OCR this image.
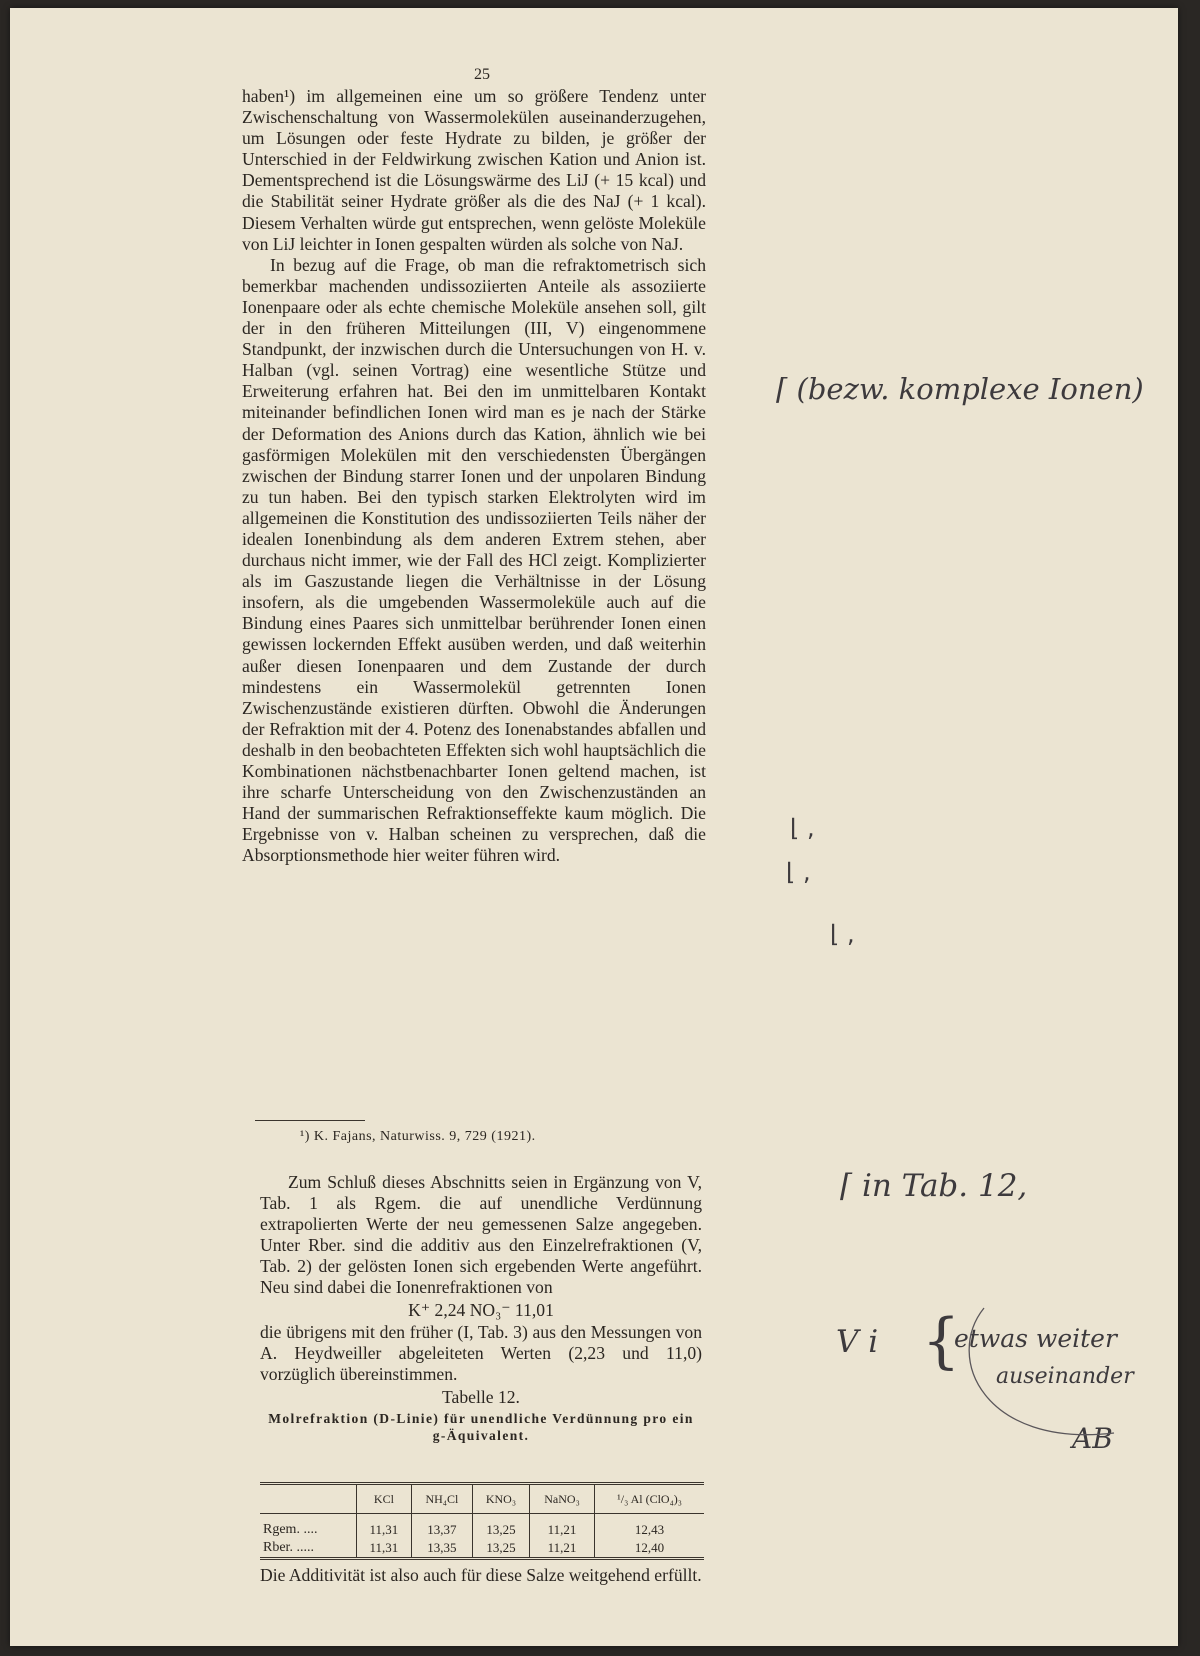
25

haben¹) im allgemeinen eine um so größere Tendenz unter Zwischenschaltung von Wassermolekülen auseinanderzugehen, um Lösungen oder feste Hydrate zu bilden, je größer der Unterschied in der Feldwirkung zwischen Kation und Anion ist. Dementsprechend ist die Lösungswärme des LiJ (+ 15 kcal) und die Stabilität seiner Hydrate größer als die des NaJ (+ 1 kcal). Diesem Verhalten würde gut entsprechen, wenn gelöste Moleküle von LiJ leichter in Ionen gespalten würden als solche von NaJ.

In bezug auf die Frage, ob man die refraktometrisch sich bemerkbar machenden undissoziierten Anteile als assoziierte Ionenpaare oder als echte chemische Moleküle ansehen soll, gilt der in den früheren Mitteilungen (III, V) eingenommene Standpunkt, der inzwischen durch die Untersuchungen von H. v. Halban (vgl. seinen Vortrag) eine wesentliche Stütze und Erweiterung erfahren hat. Bei den im unmittelbaren Kontakt miteinander befindlichen Ionen wird man es je nach der Stärke der Deformation des Anions durch das Kation, ähnlich wie bei gasförmigen Molekülen mit den verschiedensten Übergängen zwischen der Bindung starrer Ionen und der unpolaren Bindung zu tun haben. Bei den typisch starken Elektrolyten wird im allgemeinen die Konstitution des undissoziierten Teils näher der idealen Ionenbindung als dem anderen Extrem stehen, aber durchaus nicht immer, wie der Fall des HCl zeigt. Komplizierter als im Gaszustande liegen die Verhältnisse in der Lösung insofern, als die umgebenden Wassermoleküle auch auf die Bindung eines Paares sich unmittelbar berührender Ionen einen gewissen lockernden Effekt ausüben werden, und daß weiterhin außer diesen Ionenpaaren und dem Zustande der durch mindestens ein Wassermolekül getrennten Ionen Zwischenzustände existieren dürften. Obwohl die Änderungen der Refraktion mit der 4. Potenz des Ionenabstandes abfallen und deshalb in den beobachteten Effekten sich wohl hauptsächlich die Kombinationen nächstbenachbarter Ionen geltend machen, ist ihre scharfe Unterscheidung von den Zwischenzuständen an Hand der summarischen Refraktionseffekte kaum möglich. Die Ergebnisse von v. Halban scheinen zu versprechen, daß die Absorptionsmethode hier weiter führen wird.

¹) K. Fajans, Naturwiss. 9, 729 (1921).

Zum Schluß dieses Abschnitts seien in Ergänzung von V, Tab. 1 als Rgem. die auf unendliche Verdünnung extrapolierten Werte der neu gemessenen Salze angegeben. Unter Rber. sind die additiv aus den Einzelrefraktionen (V, Tab. 2) der gelösten Ionen sich ergebenden Werte angeführt. Neu sind dabei die Ionenrefraktionen von

K⁺ 2,24 NO₃⁻ 11,01

die übrigens mit den früher (I, Tab. 3) aus den Messungen von A. Heydweiller abgeleiteten Werten (2,23 und 11,0) vorzüglich übereinstimmen.

Tabelle 12.
Molrefraktion (D-Linie) für unendliche Verdünnung pro ein g-Äquivalent.
	KCl	NH₄Cl	KNO₃	NaNO₃	¹/₃ Al (ClO₄)₃
Rgem. ....	11,31	13,37	13,25	11,21	12,43
Rber. .....	11,31	13,35	13,25	11,21	12,40
Die Additivität ist also auch für diese Salze weitgehend erfüllt.
⌈ (bezw. komplexe Ionen)
⌊ ,
⌊ ,
⌊ ,
⌈ in Tab. 12,
V i {
etwas weiter
auseinander
AB
